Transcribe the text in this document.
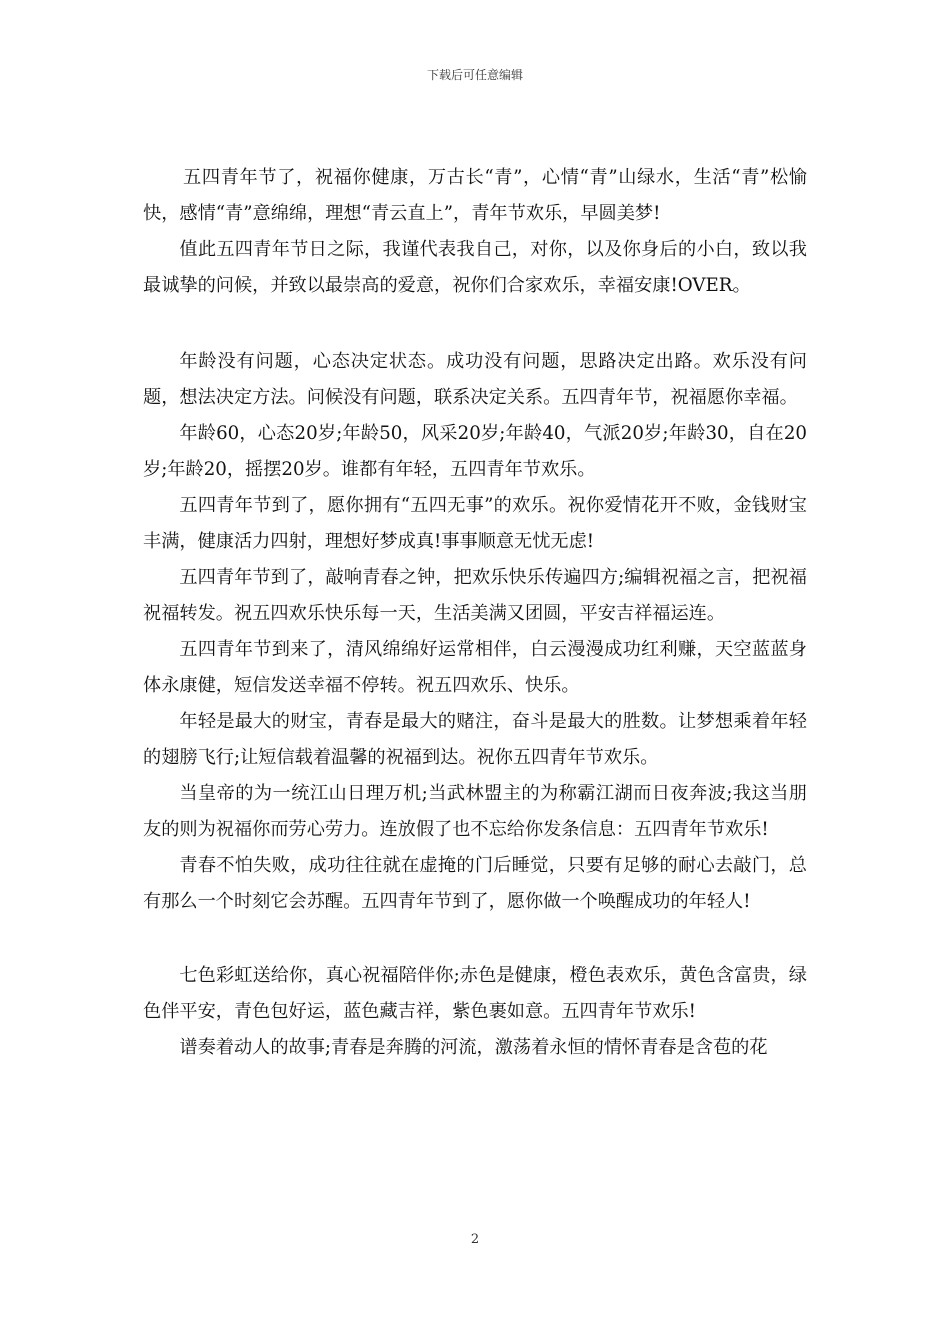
下载后可任意编辑

五四青年节了，祝福你健康，万古长“青”，心情“青”山绿水，生活“青”松愉快，感情“青”意绵绵，理想“青云直上”，青年节欢乐，早圆美梦!

值此五四青年节日之际，我谨代表我自己，对你，以及你身后的小白，致以我最诚挚的问候，并致以最崇高的爱意，祝你们合家欢乐，幸福安康!OVER。

年龄没有问题，心态决定状态。成功没有问题，思路决定出路。欢乐没有问题，想法决定方法。问候没有问题，联系决定关系。五四青年节，祝福愿你幸福。

年龄60，心态20岁;年龄50，风采20岁;年龄40，气派20岁;年龄30，自在20岁;年龄20，摇摆20岁。谁都有年轻，五四青年节欢乐。

五四青年节到了，愿你拥有“五四无事”的欢乐。祝你爱情花开不败，金钱财宝丰满，健康活力四射，理想好梦成真!事事顺意无忧无虑!

五四青年节到了，敲响青春之钟，把欢乐快乐传遍四方;编辑祝福之言，把祝福祝福转发。祝五四欢乐快乐每一天，生活美满又团圆，平安吉祥福运连。

五四青年节到来了，清风绵绵好运常相伴，白云漫漫成功红利赚，天空蓝蓝身体永康健，短信发送幸福不停转。祝五四欢乐、快乐。

年轻是最大的财宝，青春是最大的赌注，奋斗是最大的胜数。让梦想乘着年轻的翅膀飞行;让短信载着温馨的祝福到达。祝你五四青年节欢乐。

当皇帝的为一统江山日理万机;当武林盟主的为称霸江湖而日夜奔波;我这当朋友的则为祝福你而劳心劳力。连放假了也不忘给你发条信息：五四青年节欢乐!

青春不怕失败，成功往往就在虚掩的门后睡觉，只要有足够的耐心去敲门，总有那么一个时刻它会苏醒。五四青年节到了，愿你做一个唤醒成功的年轻人!

七色彩虹送给你，真心祝福陪伴你;赤色是健康，橙色表欢乐，黄色含富贵，绿色伴平安，青色包好运，蓝色藏吉祥，紫色裹如意。五四青年节欢乐!

谱奏着动人的故事;青春是奔腾的河流，激荡着永恒的情怀青春是含苞的花

2
